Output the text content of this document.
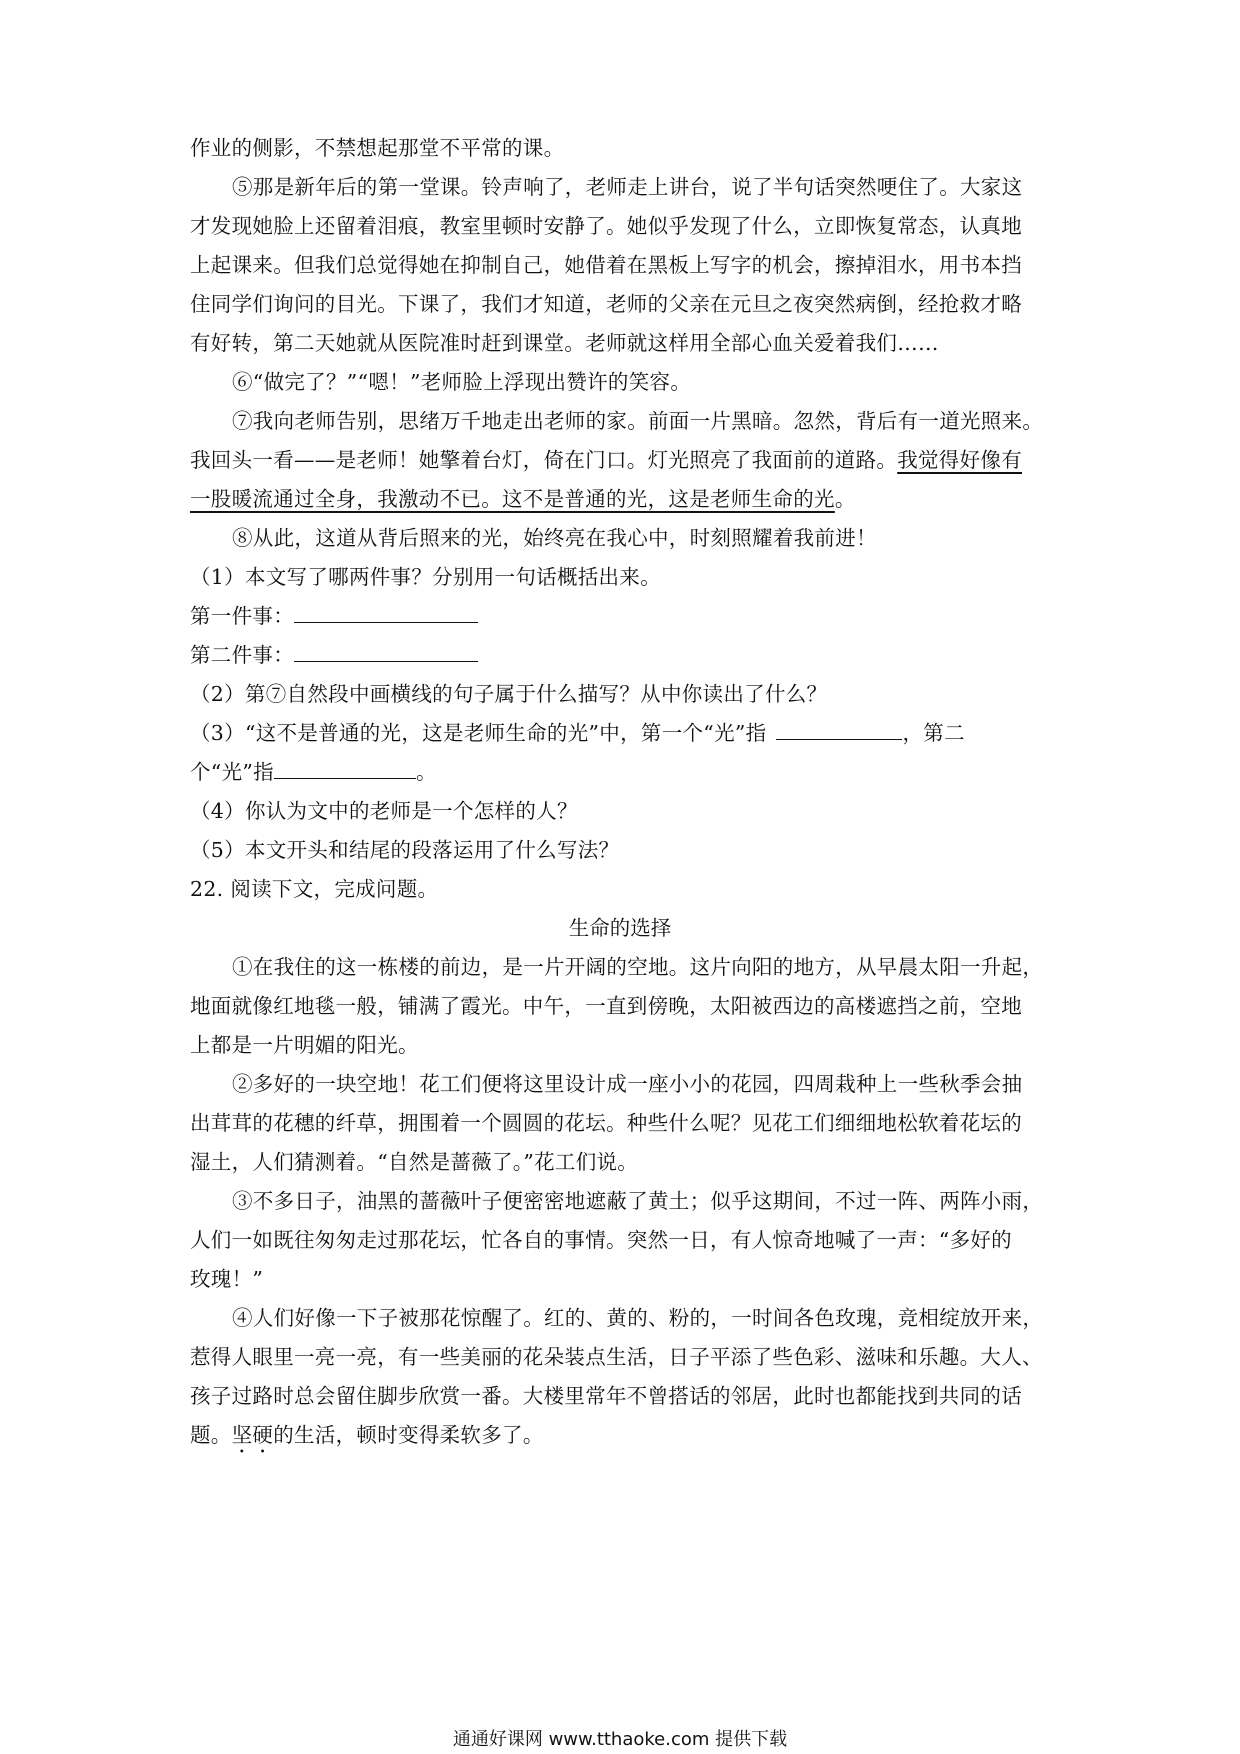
作业的侧影，不禁想起那堂不平常的课。
⑤那是新年后的第一堂课。铃声响了，老师走上讲台，说了半句话突然哽住了。大家这
才发现她脸上还留着泪痕，教室里顿时安静了。她似乎发现了什么，立即恢复常态，认真地
上起课来。但我们总觉得她在抑制自己，她借着在黑板上写字的机会，擦掉泪水，用书本挡
住同学们询问的目光。下课了，我们才知道，老师的父亲在元旦之夜突然病倒，经抢救才略
有好转，第二天她就从医院准时赶到课堂。老师就这样用全部心血关爱着我们……
⑥“做完了？”“嗯！”老师脸上浮现出赞许的笑容。
⑦我向老师告别，思绪万千地走出老师的家。前面一片黑暗。忽然，背后有一道光照来。
我回头一看——是老师！她擎着台灯，倚在门口。灯光照亮了我面前的道路。我觉得好像有
一股暖流通过全身，我激动不已。这不是普通的光，这是老师生命的光。
⑧从此，这道从背后照来的光，始终亮在我心中，时刻照耀着我前进！
（1）本文写了哪两件事？分别用一句话概括出来。
第一件事：
第二件事：
（2）第⑦自然段中画横线的句子属于什么描写？从中你读出了什么？
（3）“这不是普通的光，这是老师生命的光”中，第一个“光”指	，第二
个“光”指	。
（4）你认为文中的老师是一个怎样的人？
（5）本文开头和结尾的段落运用了什么写法？
22. 阅读下文，完成问题。
生命的选择
①在我住的这一栋楼的前边，是一片开阔的空地。这片向阳的地方，从早晨太阳一升起，
地面就像红地毯一般，铺满了霞光。中午，一直到傍晚，太阳被西边的高楼遮挡之前，空地
上都是一片明媚的阳光。
②多好的一块空地！花工们便将这里设计成一座小小的花园，四周栽种上一些秋季会抽
出茸茸的花穗的纤草，拥围着一个圆圆的花坛。种些什么呢？见花工们细细地松软着花坛的
湿土，人们猜测着。“自然是蔷薇了。”花工们说。
③不多日子，油黑的蔷薇叶子便密密地遮蔽了黄土；似乎这期间，不过一阵、两阵小雨，
人们一如既往匆匆走过那花坛，忙各自的事情。突然一日，有人惊奇地喊了一声：“多好的
玫瑰！”
④人们好像一下子被那花惊醒了。红的、黄的、粉的，一时间各色玫瑰，竞相绽放开来，
惹得人眼里一亮一亮，有一些美丽的花朵装点生活，日子平添了些色彩、滋味和乐趣。大人、
孩子过路时总会留住脚步欣赏一番。大楼里常年不曾搭话的邻居，此时也都能找到共同的话
题。坚硬的生活，顿时变得柔软多了。
通通好课网 www.tthaoke.com 提供下载
